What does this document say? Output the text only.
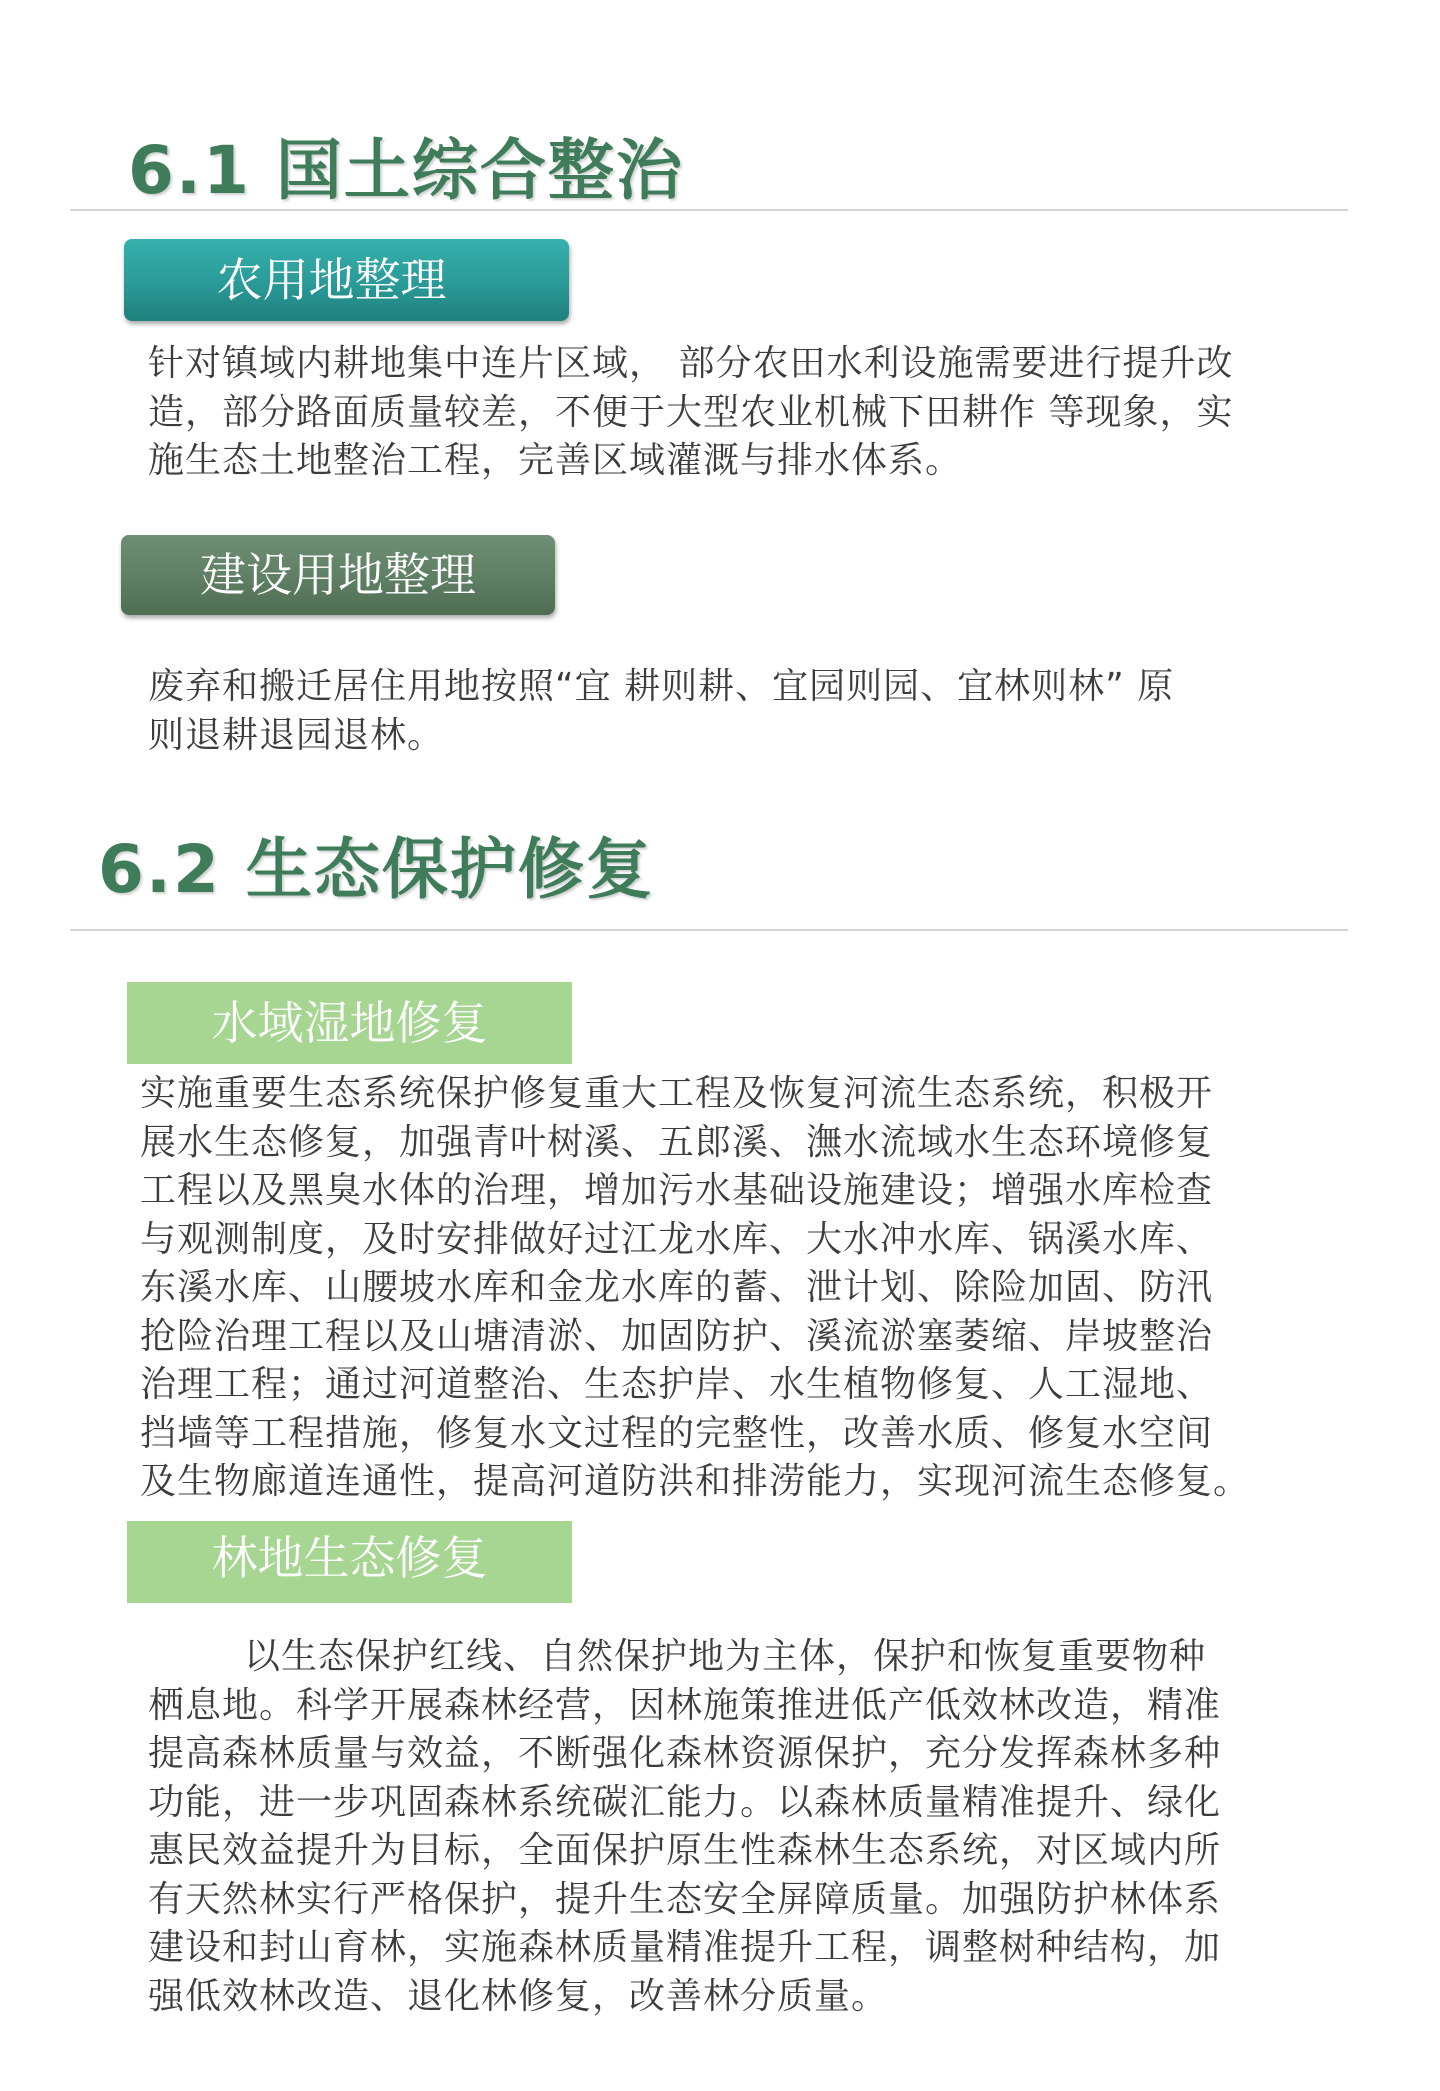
6.1 国土综合整治
农用地整理

针对镇域内耕地集中连片区域， 部分农田水利设施需要进行提升改
造，部分路面质量较差，不便于大型农业机械下田耕作 等现象，实
施生态土地整治工程，完善区域灌溉与排水体系。

建设用地整理

废弃和搬迁居住用地按照“宜 耕则耕、宜园则园、宜林则林” 原
则退耕退园退林。

6.2 生态保护修复
水域湿地修复

实施重要生态系统保护修复重大工程及恢复河流生态系统，积极开
展水生态修复，加强青叶树溪、五郎溪、潕水流域水生态环境修复
工程以及黑臭水体的治理，增加污水基础设施建设；增强水库检查
与观测制度，及时安排做好过江龙水库、大水冲水库、锅溪水库、
东溪水库、山腰坡水库和金龙水库的蓄、泄计划、除险加固、防汛
抢险治理工程以及山塘清淤、加固防护、溪流淤塞萎缩、岸坡整治
治理工程；通过河道整治、生态护岸、水生植物修复、人工湿地、
挡墙等工程措施，修复水文过程的完整性，改善水质、修复水空间
及生物廊道连通性，提高河道防洪和排涝能力，实现河流生态修复。

林地生态修复

以生态保护红线、自然保护地为主体，保护和恢复重要物种
栖息地。科学开展森林经营，因林施策推进低产低效林改造，精准
提高森林质量与效益，不断强化森林资源保护，充分发挥森林多种
功能，进一步巩固森林系统碳汇能力。以森林质量精准提升、绿化
惠民效益提升为目标，全面保护原生性森林生态系统，对区域内所
有天然林实行严格保护，提升生态安全屏障质量。加强防护林体系
建设和封山育林，实施森林质量精准提升工程，调整树种结构，加
强低效林改造、退化林修复，改善林分质量。
